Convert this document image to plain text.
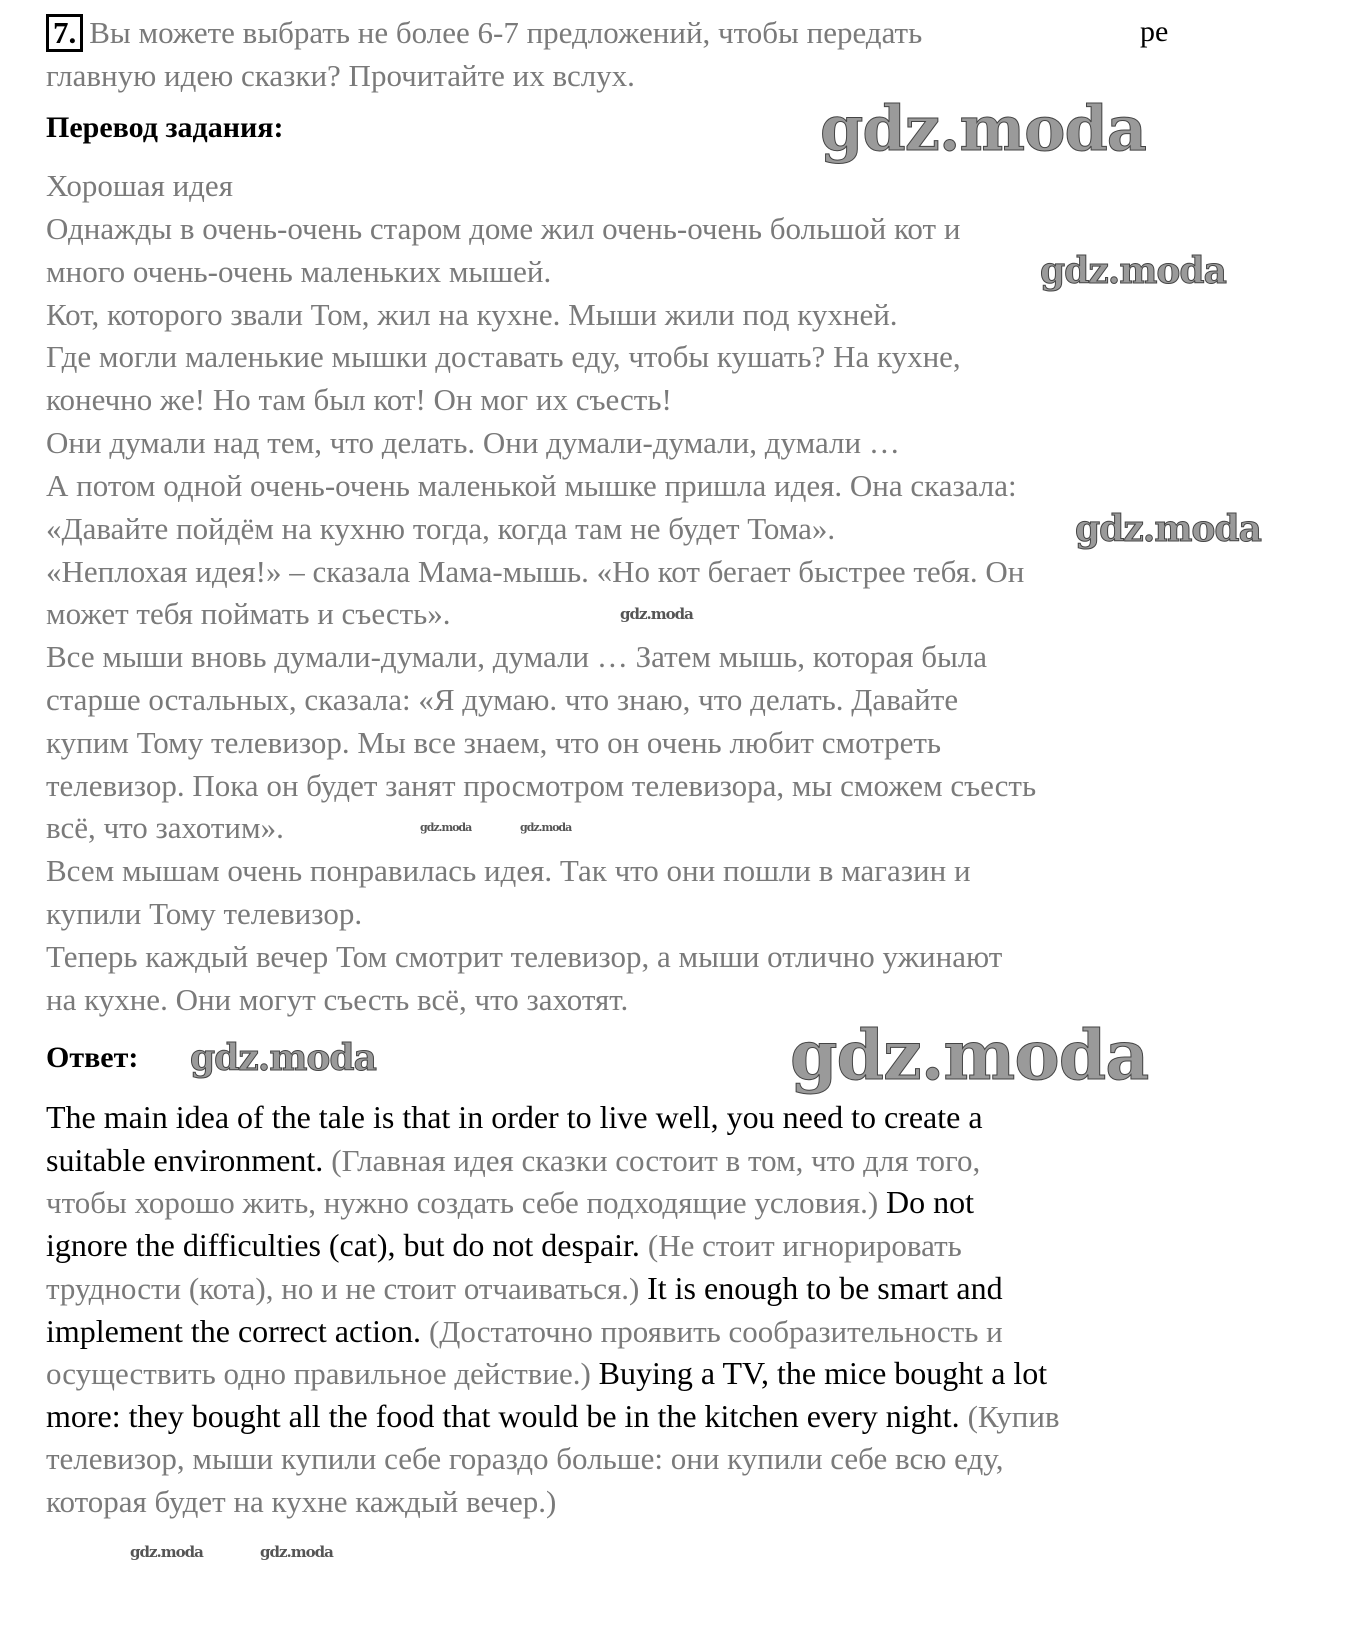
7. Вы можете выбрать не более 6-7 предложений, чтобы передать	pe
главную идею сказки? Прочитайте их вслух.
Перевод задания:
Хорошая идея
Однажды в очень-очень старом доме жил очень-очень большой кот и
много очень-очень маленьких мышей.
Кот, которого звали Том, жил на кухне. Мыши жили под кухней.
Где могли маленькие мышки доставать еду, чтобы кушать? На кухне,
конечно же! Но там был кот! Он мог их съесть!
Они думали над тем, что делать. Они думали-думали, думали …
А потом одной очень-очень маленькой мышке пришла идея. Она сказала:
«Давайте пойдём на кухню тогда, когда там не будет Тома».
«Неплохая идея!» – сказала Мама-мышь. «Но кот бегает быстрее тебя. Он
может тебя поймать и съесть».
Все мыши вновь думали-думали, думали … Затем мышь, которая была
старше остальных, сказала: «Я думаю. что знаю, что делать. Давайте
купим Тому телевизор. Мы все знаем, что он очень любит смотреть
телевизор. Пока он будет занят просмотром телевизора, мы сможем съесть
всё, что захотим».
Всем мышам очень понравилась идея. Так что они пошли в магазин и
купили Тому телевизор.
Теперь каждый вечер Том смотрит телевизор, а мыши отлично ужинают
на кухне. Они могут съесть всё, что захотят.
Ответ:
The main idea of the tale is that in order to live well, you need to create a
suitable environment. (Главная идея сказки состоит в том, что для того,
чтобы хорошо жить, нужно создать себе подходящие условия.) Do not
ignore the difficulties (cat), but do not despair. (Не стоит игнорировать
трудности (кота), но и не стоит отчаиваться.) It is enough to be smart and
implement the correct action. (Достаточно проявить сообразительность и
осуществить одно правильное действие.) Buying a TV, the mice bought a lot
more: they bought all the food that would be in the kitchen every night. (Купив
телевизор, мыши купили себе гораздо больше: они купили себе всю еду,
которая будет на кухне каждый вечер.)
gdz.moda
gdz.moda
gdz.moda
gdz.moda
gdz.moda	gdz.moda
gdz.moda
gdz.moda
gdz.moda	gdz.moda
